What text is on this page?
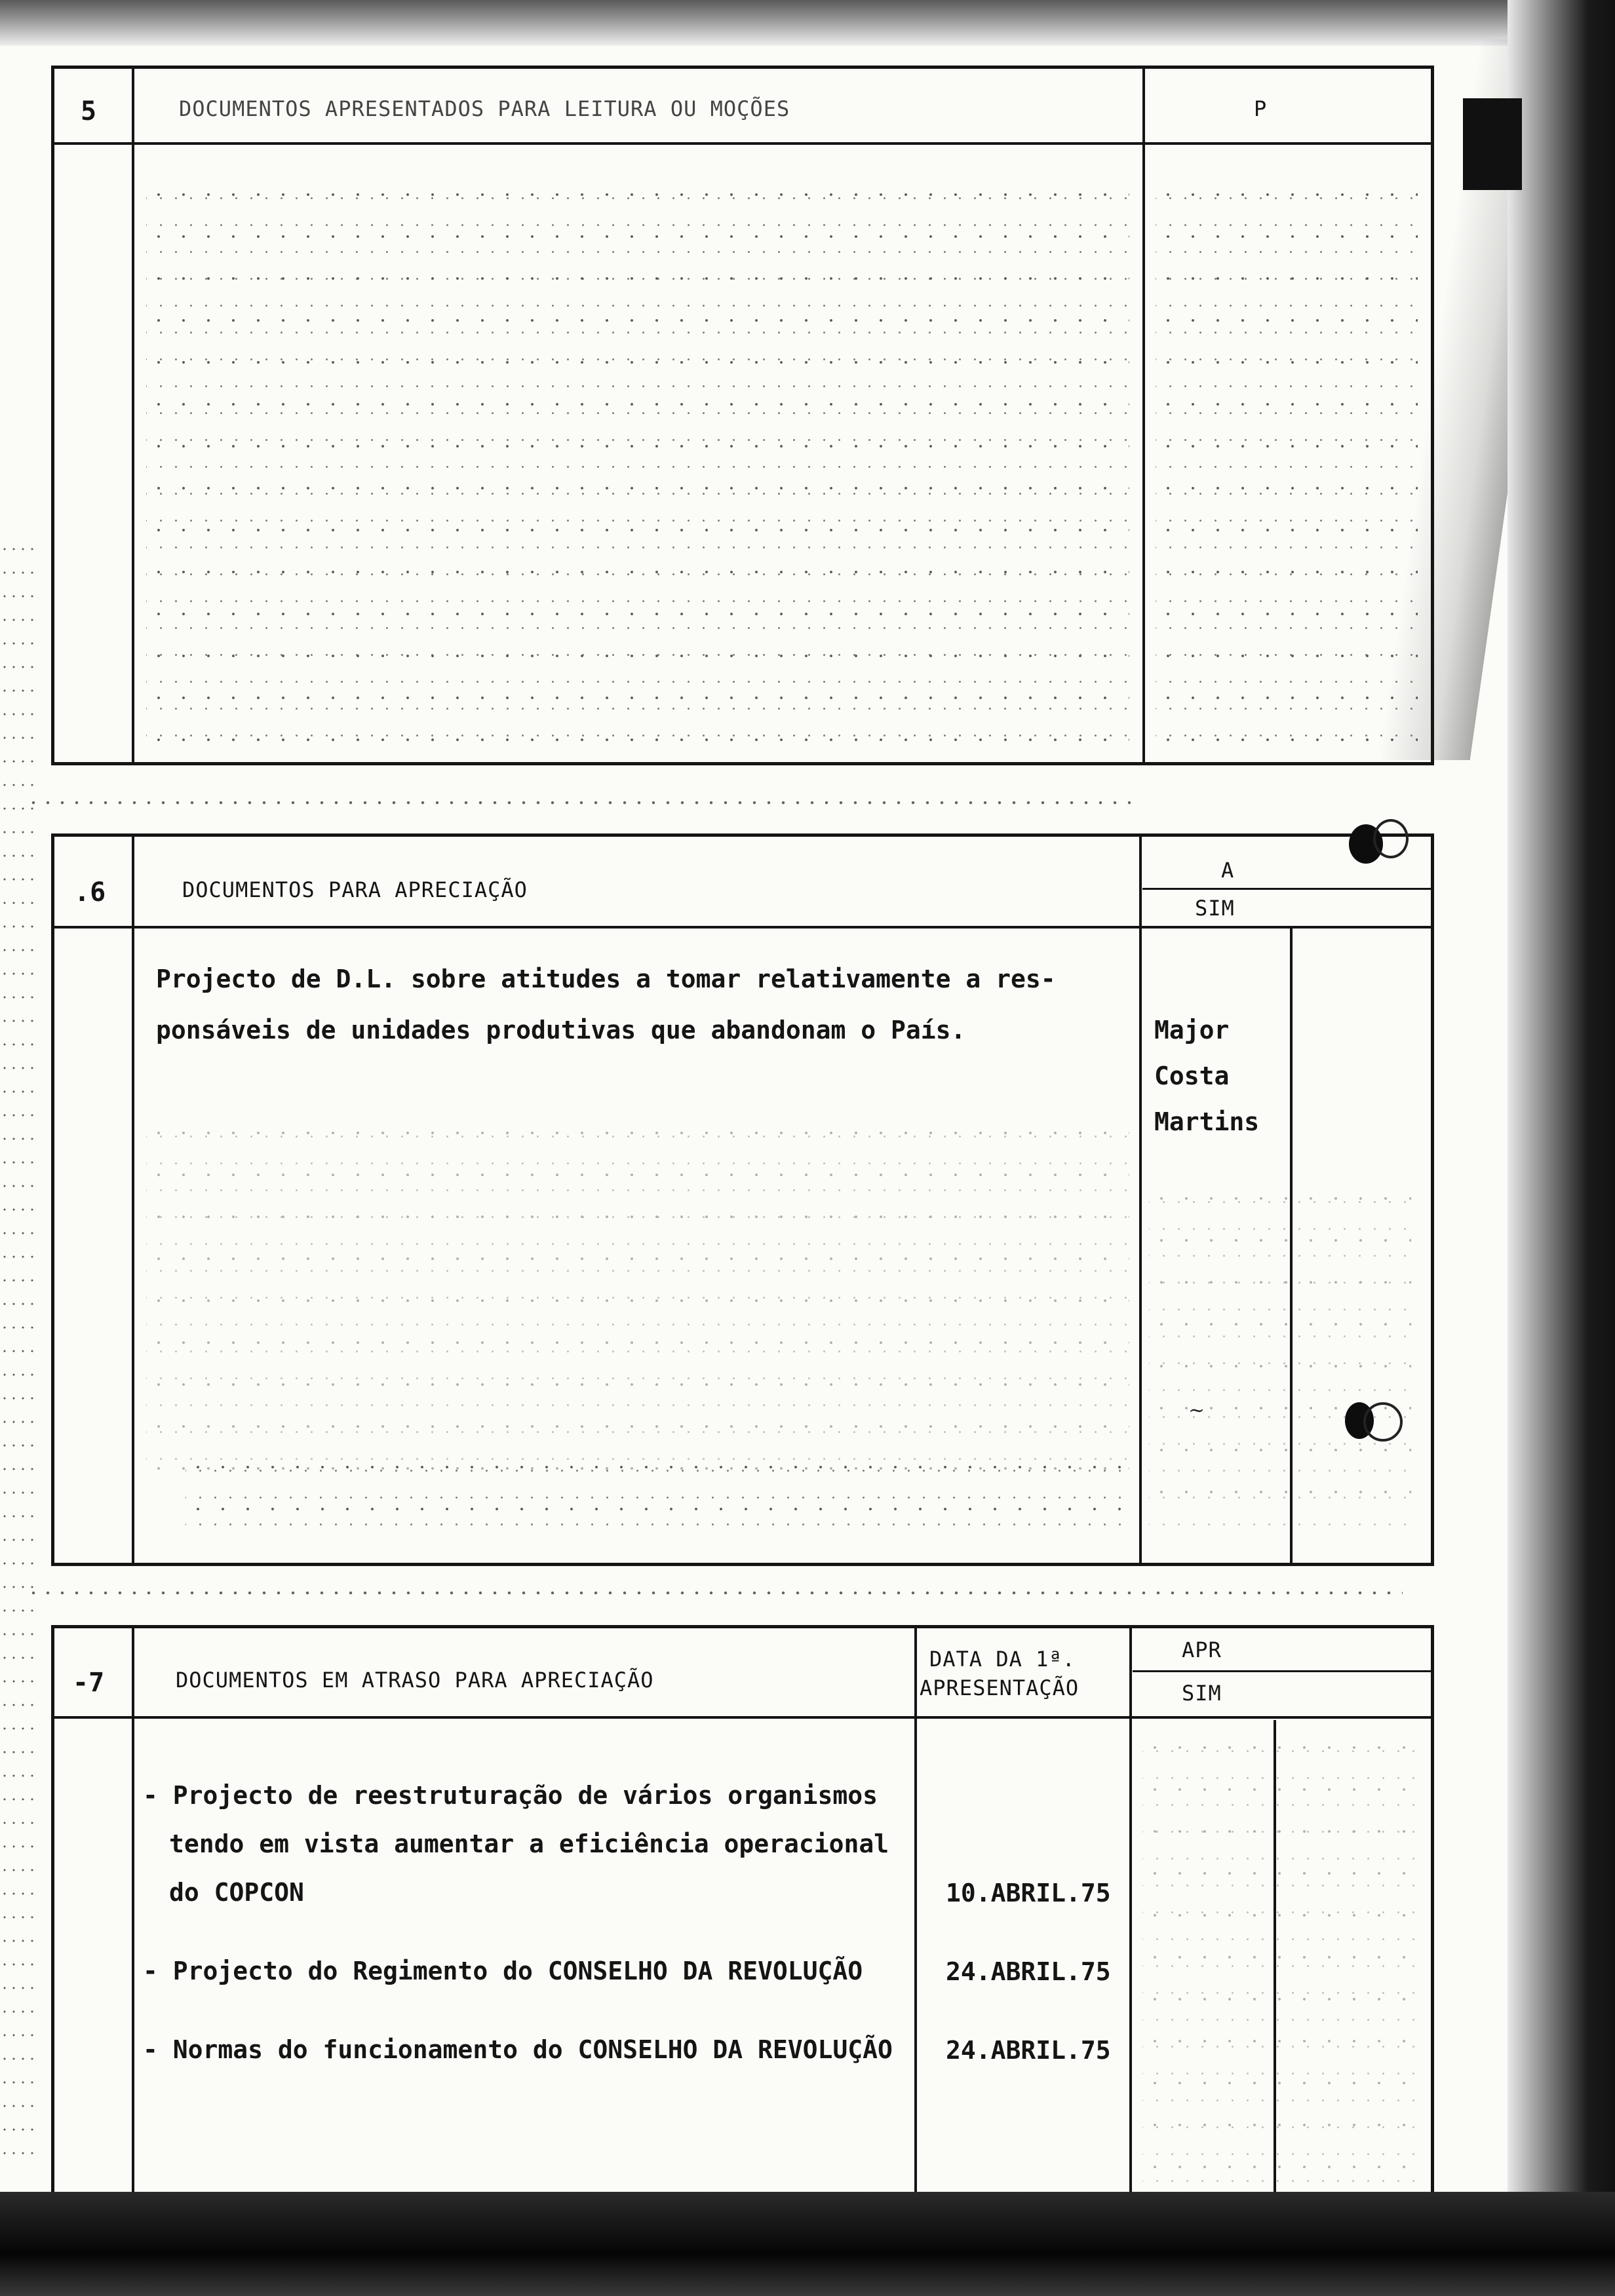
5	DOCUMENTOS APRESENTADOS PARA LEITURA OU MOÇÕES	P
.6	DOCUMENTOS PARA APRECIAÇÃO
A
SIM
Projecto de D.L. sobre atitudes a tomar relativamente a res-
ponsáveis de unidades produtivas que abandonam o País.	Major
Costa
Martins
~
-7	DOCUMENTOS EM ATRASO PARA APRECIAÇÃO
DATA DA 1ª.
APRESENTAÇÃO
APR
SIM
- Projecto de reestruturação de vários organismos
tendo em vista aumentar a eficiência operacional
do COPCON	10.ABRIL.75
- Projecto do Regimento do CONSELHO DA REVOLUÇÃO	24.ABRIL.75
- Normas do funcionamento do CONSELHO DA REVOLUÇÃO 24.ABRIL.75
